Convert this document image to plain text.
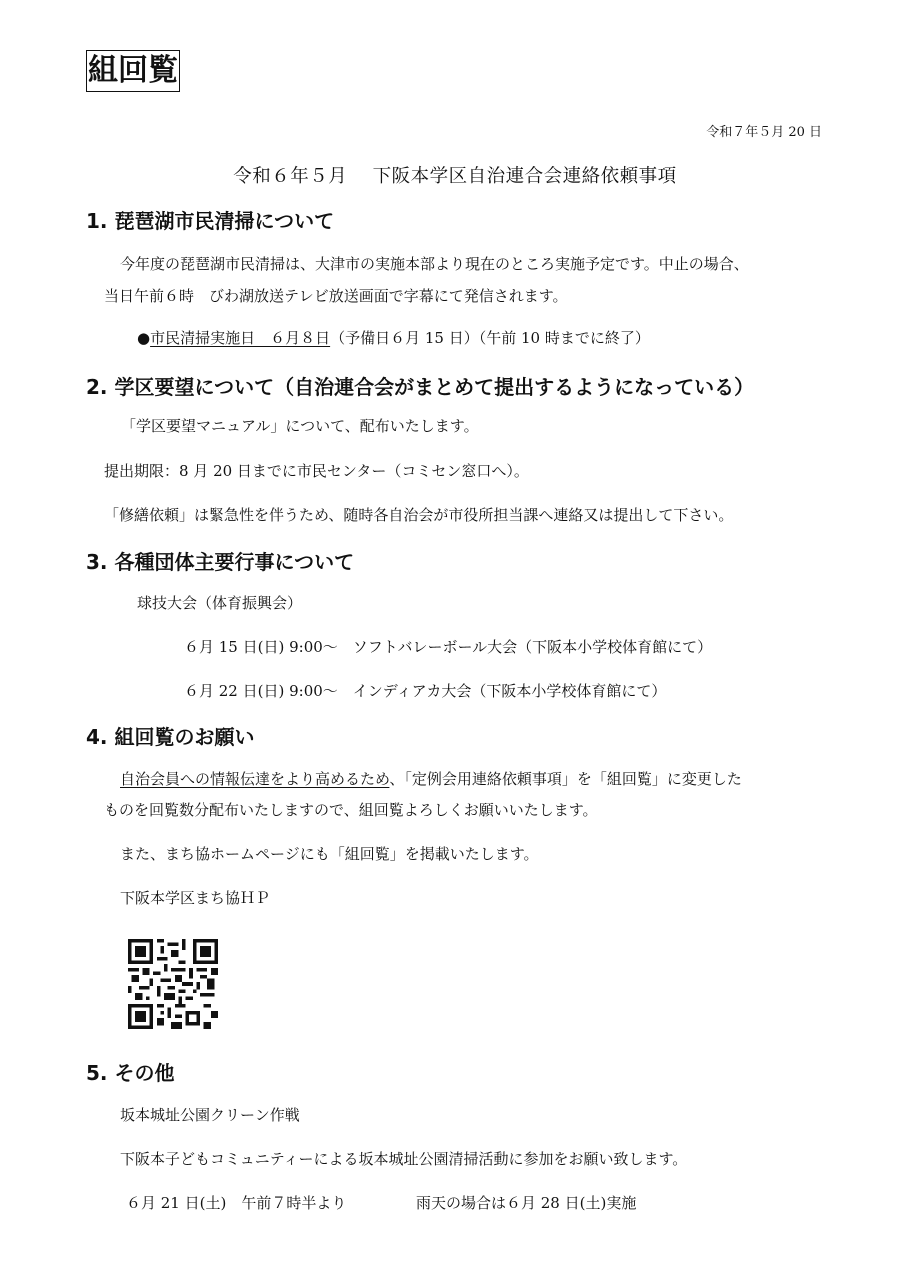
組回覧
令和７年５月 20 日
令和６年５月　 下阪本学区自治連合会連絡依頼事項
1. 琵琶湖市民清掃について
今年度の琵琶湖市民清掃は、大津市の実施本部より現在のところ実施予定です。中止の場合、
当日午前６時　びわ湖放送テレビ放送画面で字幕にて発信されます。
●市民清掃実施日　６月８日（予備日６月 15 日）（午前 10 時までに終了）
2. 学区要望について（自治連合会がまとめて提出するようになっている）
「学区要望マニュアル」について、配布いたします。
提出期限：8 月 20 日までに市民センター（コミセン窓口へ）。
「修繕依頼」は緊急性を伴うため、随時各自治会が市役所担当課へ連絡又は提出して下さい。
3. 各種団体主要行事について
球技大会（体育振興会）
６月 15 日(日) 9:00～　ソフトバレーボール大会（下阪本小学校体育館にて）
６月 22 日(日) 9:00～　インディアカ大会（下阪本小学校体育館にて）
4. 組回覧のお願い
自治会員への情報伝達をより高めるため、「定例会用連絡依頼事項」を「組回覧」に変更した
ものを回覧数分配布いたしますので、組回覧よろしくお願いいたします。
また、まち協ホームページにも「組回覧」を掲載いたします。
下阪本学区まち協ＨＰ
5. その他
坂本城址公園クリーン作戦
下阪本子どもコミュニティーによる坂本城址公園清掃活動に参加をお願い致します。
６月 21 日(土)　午前７時半より	雨天の場合は６月 28 日(土)実施
